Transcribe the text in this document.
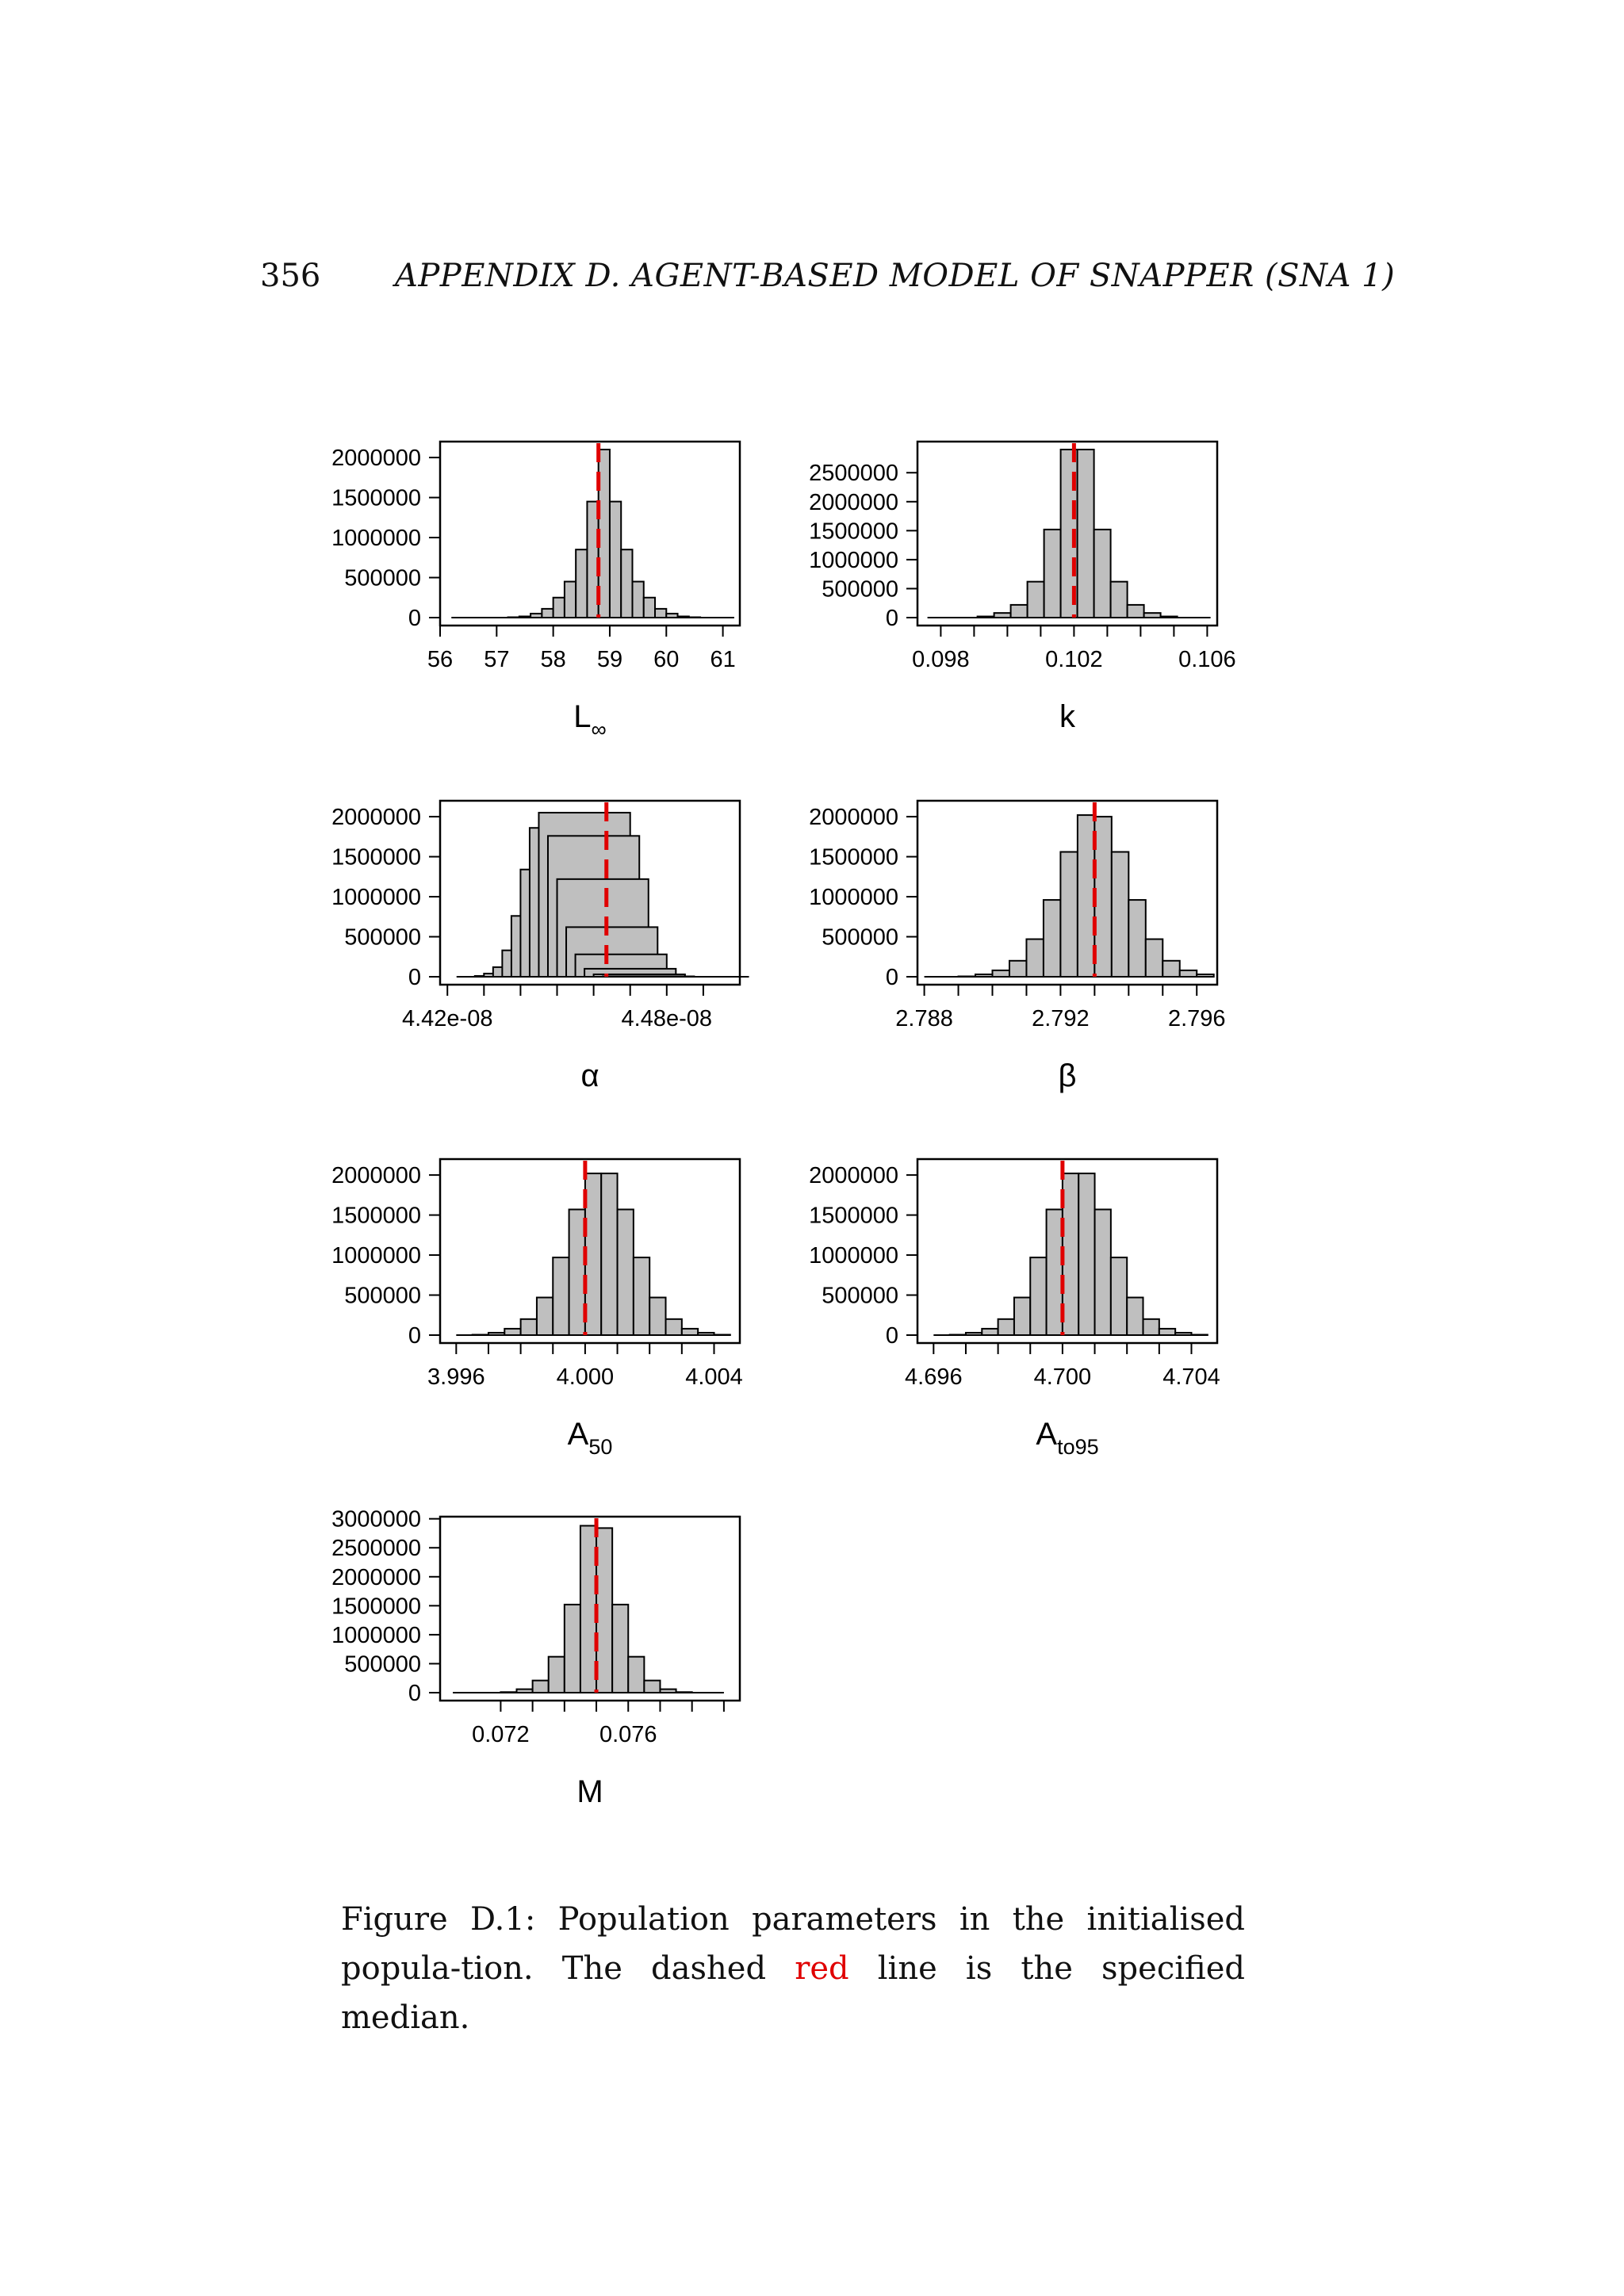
356 APPENDIX D. AGENT-BASED MODEL OF SNAPPER (SNA 1)
0
500000
1000000
1500000
2000000
56 57 58 59 60 61
$L_\infty$
0
500000
1000000
1500000
2000000
2500000
0.098	0.102	0.106
k
0
500000
1000000
1500000
2000000
4.42e-08	4.48e-08
α
0
500000
1000000
1500000
2000000
2.788	2.792	2.796
β
0
500000
1000000
1500000
2000000
3.996	4.000	4.004
$A_{50}$
0
500000
1000000
1500000
2000000
4.696	4.700	4.704
$A_{to95}$
0
500000
1000000
1500000
2000000
2500000
3000000
0.072	0.076
M

Figure D.1: Population parameters in the initialised popula-tion. The dashed red line is the specified median.
